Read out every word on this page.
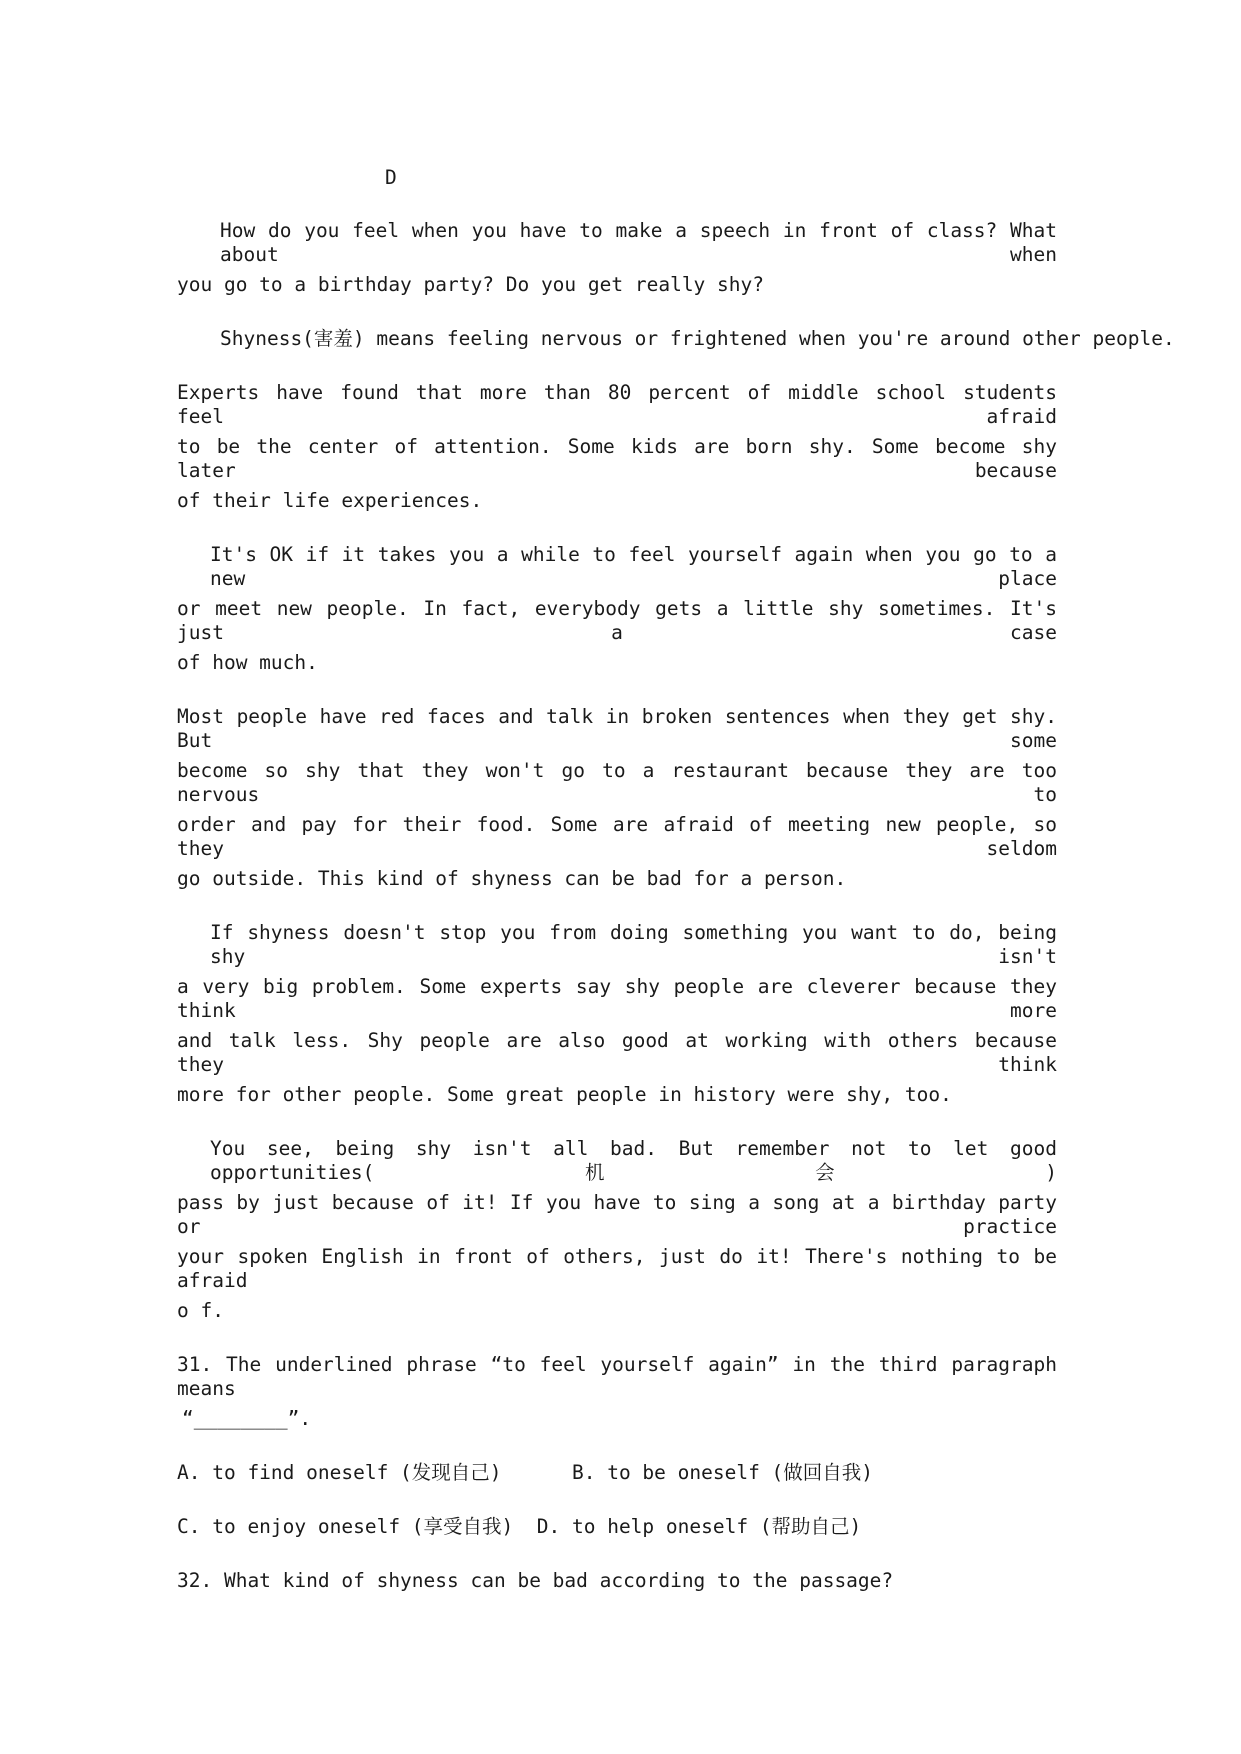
D
How do you feel when you have to make a speech in front of class? What about when
you go to a birthday party? Do you get really shy?
Shyness(害羞) means feeling nervous or frightened when you're around other people.
Experts have found that more than 80 percent of middle school students feel afraid
to be the center of attention. Some kids are born shy. Some become shy later because
of their life experiences.
It's OK if it takes you a while to feel yourself again when you go to a new place
or meet new people. In fact, everybody gets a little shy sometimes. It's just a case
of how much.
Most people have red faces and talk in broken sentences when they get shy. But some
become so shy that they won't go to a restaurant because they are too nervous to
order and pay for their food. Some are afraid of meeting new people, so they seldom
go outside. This kind of shyness can be bad for a person.
If shyness doesn't stop you from doing something you want to do, being shy isn't
a very big problem. Some experts say shy people are cleverer because they think more
and talk less. Shy people are also good at working with others because they think
more for other people. Some great people in history were shy, too.
You see, being shy isn't all bad. But remember not to let good opportunities(机会)
pass by just because of it! If you have to sing a song at a birthday party or practice
your spoken English in front of others, just do it! There's nothing to be afraid
o f.
31. The underlined phrase “to feel yourself again” in the third paragraph means
“________”.
A. to find oneself (发现自己)      B. to be oneself (做回自我)
C. to enjoy oneself (享受自我)  D. to help oneself (帮助自己)
32. What kind of shyness can be bad according to the passage?
